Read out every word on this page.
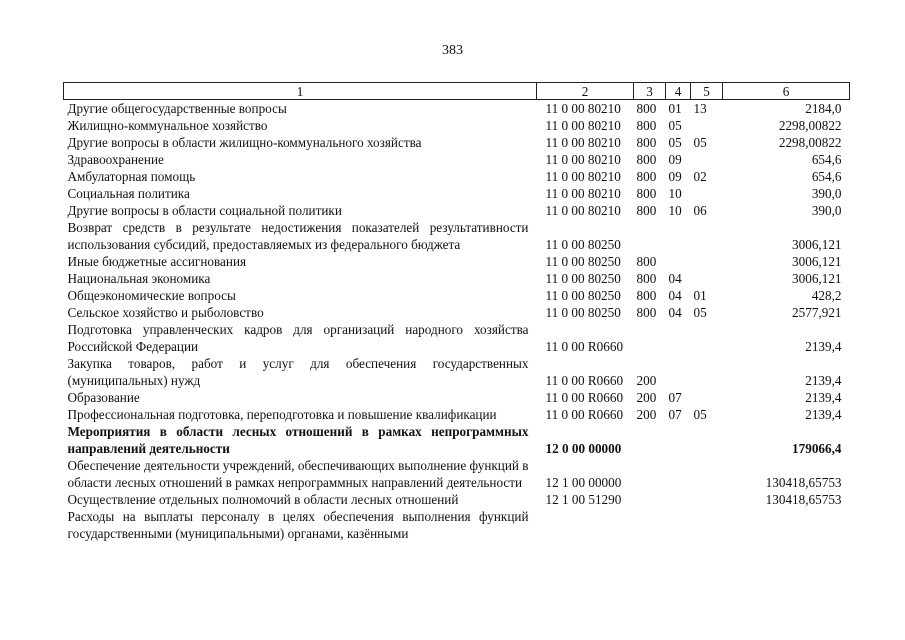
383
1	2	3	4	5	6
Другие общегосударственные вопросы	11 0 00 80210	800	01	13	2184,0
Жилищно-коммунальное хозяйство	11 0 00 80210	800	05		2298,00822
Другие вопросы в области жилищно-коммунального хозяйства	11 0 00 80210	800	05	05	2298,00822
Здравоохранение	11 0 00 80210	800	09		654,6
Амбулаторная помощь	11 0 00 80210	800	09	02	654,6
Социальная политика	11 0 00 80210	800	10		390,0
Другие вопросы в области социальной политики	11 0 00 80210	800	10	06	390,0
Возврат средств в результате недостижения показателей результативности использования субсидий, предоставляемых из федерального бюджета	11 0 00 80250				3006,121
Иные бюджетные ассигнования	11 0 00 80250	800			3006,121
Национальная экономика	11 0 00 80250	800	04		3006,121
Общеэкономические вопросы	11 0 00 80250	800	04	01	428,2
Сельское хозяйство и рыболовство	11 0 00 80250	800	04	05	2577,921
Подготовка управленческих кадров для организаций народного хозяйства Российской Федерации	11 0 00 R0660				2139,4
Закупка товаров, работ и услуг для обеспечения государственных (муниципальных) нужд	11 0 00 R0660	200			2139,4
Образование	11 0 00 R0660	200	07		2139,4
Профессиональная подготовка, переподготовка и повышение квалификации	11 0 00 R0660	200	07	05	2139,4
Мероприятия в области лесных отношений в рамках непрограммных направлений деятельности	12 0 00 00000				179066,4
Обеспечение деятельности учреждений, обеспечивающих выполнение функций в области лесных отношений в рамках непрограммных направлений деятельности	12 1 00 00000				130418,65753
Осуществление отдельных полномочий в области лесных отношений	12 1 00 51290				130418,65753
Расходы на выплаты персоналу в целях обеспечения выполнения функций государственными (муниципальными) органами, казёнными					
